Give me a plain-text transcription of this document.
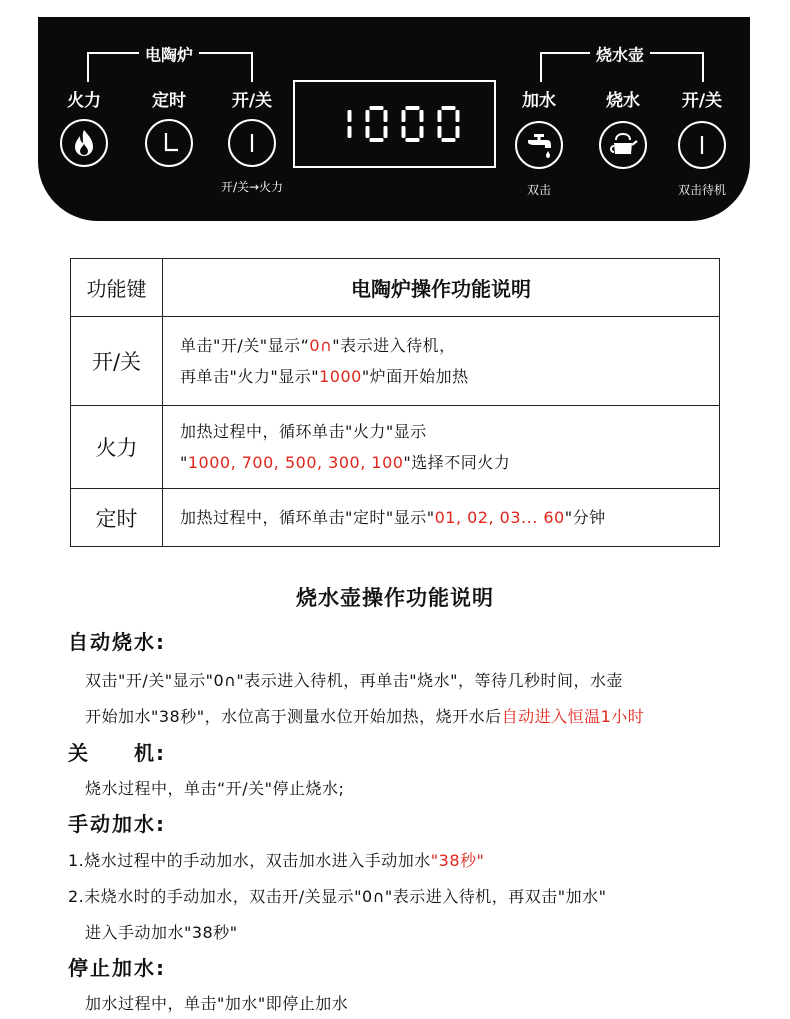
电陶炉	烧水壶
火力	定时	开/关
开/关→火力
加水	烧水	开/关
双击	双击待机
功能键	电陶炉操作功能说明
开/关	单击"开/关"显示“0∩"表示进入待机，
再单击"火力"显示"1000"炉面开始加热

火力	加热过程中，循环单击"火力"显示
"1000, 700, 500, 300, 100"选择不同火力

定时	加热过程中，循环单击"定时"显示"01, 02, 03... 60"分钟
烧水壶操作功能说明
自动烧水:
双击"开/关"显示"0∩"表示进入待机，再单击"烧水"，等待几秒时间，水壶
开始加水"38秒"，水位高于测量水位开始加热，烧开水后自动进入恒温1小时
关　　机:
烧水过程中，单击“开/关"停止烧水;
手动加水:
1.烧水过程中的手动加水，双击加水进入手动加水"38秒"
2.未烧水时的手动加水，双击开/关显示"0∩"表示进入待机，再双击"加水"
进入手动加水"38秒"
停止加水:
加水过程中，单击"加水"即停止加水
